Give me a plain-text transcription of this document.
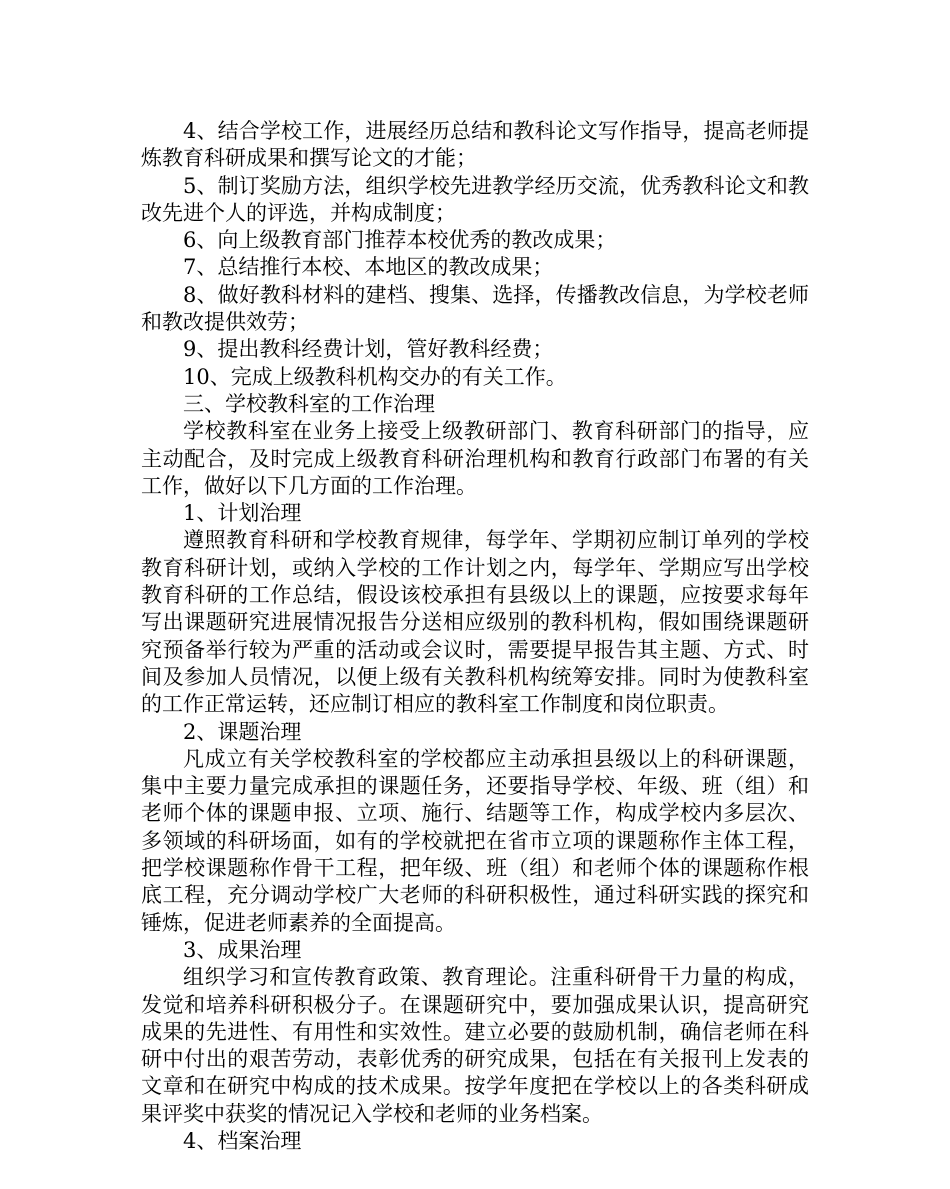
4、结合学校工作，进展经历总结和教科论文写作指导，提高老师提炼教育科研成果和撰写论文的才能；

5、制订奖励方法，组织学校先进教学经历交流，优秀教科论文和教改先进个人的评选，并构成制度；

6、向上级教育部门推荐本校优秀的教改成果；

7、总结推行本校、本地区的教改成果；

8、做好教科材料的建档、搜集、选择，传播教改信息，为学校老师和教改提供效劳；

9、提出教科经费计划，管好教科经费；

10、完成上级教科机构交办的有关工作。

三、学校教科室的工作治理

学校教科室在业务上接受上级教研部门、教育科研部门的指导，应主动配合，及时完成上级教育科研治理机构和教育行政部门布署的有关工作，做好以下几方面的工作治理。

1、计划治理

遵照教育科研和学校教育规律，每学年、学期初应制订单列的学校教育科研计划，或纳入学校的工作计划之内，每学年、学期应写出学校教育科研的工作总结，假设该校承担有县级以上的课题，应按要求每年写出课题研究进展情况报告分送相应级别的教科机构，假如围绕课题研究预备举行较为严重的活动或会议时，需要提早报告其主题、方式、时间及参加人员情况，以便上级有关教科机构统筹安排。同时为使教科室的工作正常运转，还应制订相应的教科室工作制度和岗位职责。

2、课题治理

凡成立有关学校教科室的学校都应主动承担县级以上的科研课题，集中主要力量完成承担的课题任务，还要指导学校、年级、班（组）和老师个体的课题申报、立项、施行、结题等工作，构成学校内多层次、多领域的科研场面，如有的学校就把在省市立项的课题称作主体工程，把学校课题称作骨干工程，把年级、班（组）和老师个体的课题称作根底工程，充分调动学校广大老师的科研积极性，通过科研实践的探究和锤炼，促进老师素养的全面提高。

3、成果治理

组织学习和宣传教育政策、教育理论。注重科研骨干力量的构成，发觉和培养科研积极分子。在课题研究中，要加强成果认识，提高研究成果的先进性、有用性和实效性。建立必要的鼓励机制，确信老师在科研中付出的艰苦劳动，表彰优秀的研究成果，包括在有关报刊上发表的文章和在研究中构成的技术成果。按学年度把在学校以上的各类科研成果评奖中获奖的情况记入学校和老师的业务档案。

4、档案治理
